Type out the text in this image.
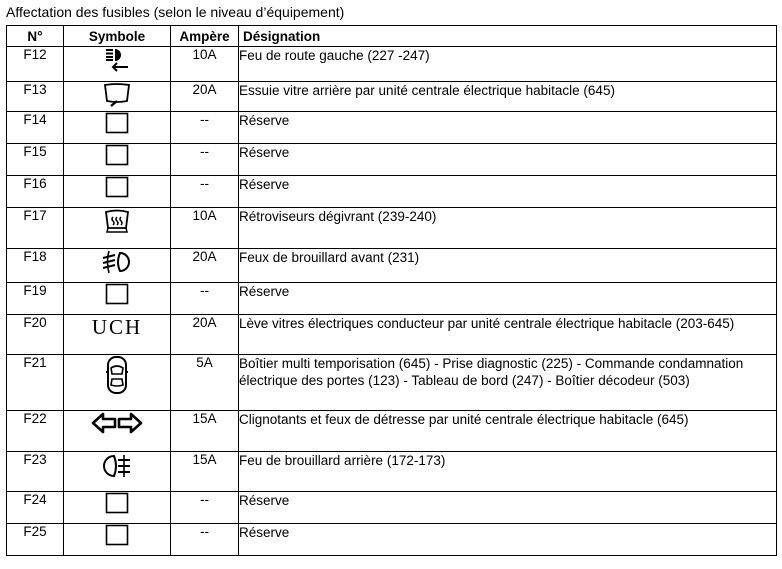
Affectation des fusibles (selon le niveau d’équipement)
N°	Symbole	Ampère	Désignation
F12		10A	Feu de route gauche (227 -247)
F13		20A	Essuie vitre arrière par unité centrale électrique habitacle (645)
F14		--	Réserve
F15		--	Réserve
F16		--	Réserve
F17		10A	Rétroviseurs dégivrant (239-240)
F18		20A	Feux de brouillard avant (231)
F19		--	Réserve
F20	UCH	20A	Lève vitres électriques conducteur par unité centrale électrique habitacle (203-645)
F21		5A	Boîtier multi temporisation (645) - Prise diagnostic (225) - Commande condamnation électrique des portes (123) - Tableau de bord (247) - Boîtier décodeur (503)
F22		15A	Clignotants et feux de détresse par unité centrale électrique habitacle (645)
F23		15A	Feu de brouillard arrière (172-173)
F24		--	Réserve
F25		--	Réserve
